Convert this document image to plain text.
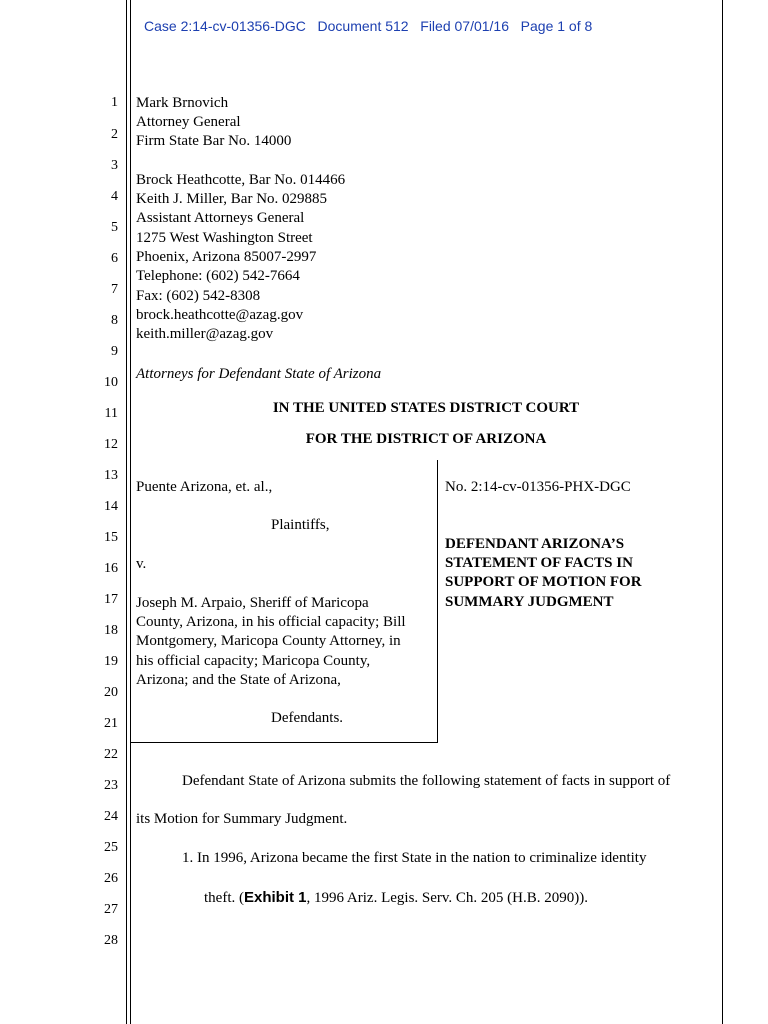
Case 2:14-cv-01356-DGC Document 512 Filed 07/01/16 Page 1 of 8
1
2
3
4
5
6
7
8
9
10
11
12
13
14
15
16
17
18
19
20
21
22
23
24
25
26
27
28
Mark Brnovich
Attorney General
Firm State Bar No. 14000
Brock Heathcotte, Bar No. 014466
Keith J. Miller, Bar No. 029885
Assistant Attorneys General
1275 West Washington Street
Phoenix, Arizona 85007-2997
Telephone: (602) 542-7664
Fax: (602) 542-8308
brock.heathcotte@azag.gov
keith.miller@azag.gov
Attorneys for Defendant State of Arizona
IN THE UNITED STATES DISTRICT COURT
FOR THE DISTRICT OF ARIZONA
Puente Arizona, et. al.,
Plaintiffs,
v.
Joseph M. Arpaio, Sheriff of Maricopa
County, Arizona, in his official capacity; Bill
Montgomery, Maricopa County Attorney, in
his official capacity; Maricopa County,
Arizona; and the State of Arizona,
Defendants.
No. 2:14-cv-01356-PHX-DGC
DEFENDANT ARIZONA’S
STATEMENT OF FACTS IN
SUPPORT OF MOTION FOR
SUMMARY JUDGMENT
Defendant State of Arizona submits the following statement of facts in support of
its Motion for Summary Judgment.
1. In 1996, Arizona became the first State in the nation to criminalize identity
theft. (Exhibit 1, 1996 Ariz. Legis. Serv. Ch. 205 (H.B. 2090)).
